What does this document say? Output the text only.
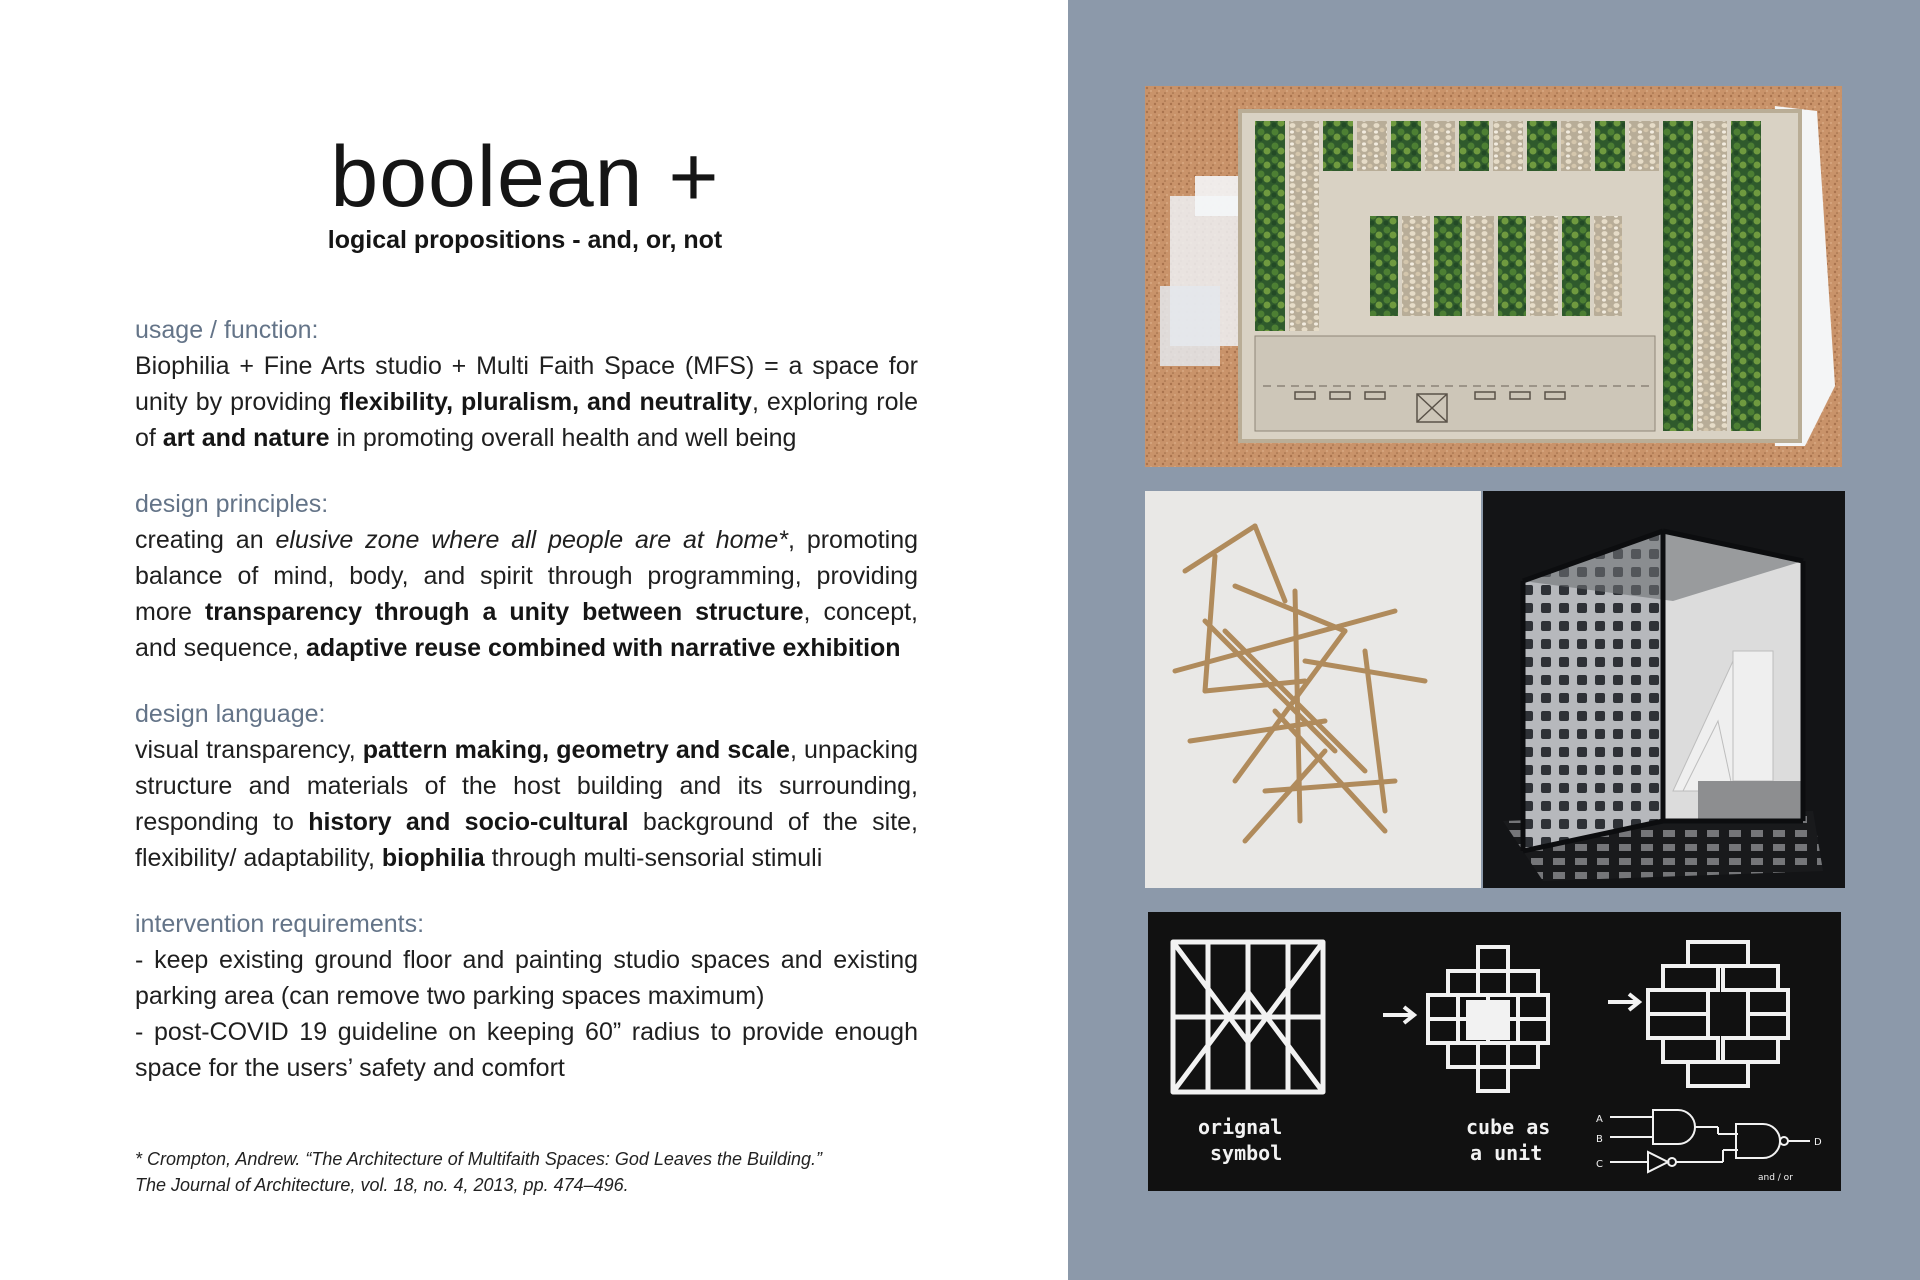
boolean +
logical propositions - and, or, not

usage / function:

Biophilia + Fine Arts studio + Multi Faith Space (MFS) = a space for unity by providing flexibility, pluralism, and neutrality, exploring role of art and nature in promoting overall health and well being

design principles:

creating an elusive zone where all people are at home*, promoting balance of mind, body, and spirit through programming, providing more transparency through a unity between structure, concept, and sequence, adaptive reuse combined with narrative exhibition

design language:

visual transparency, pattern making, geometry and scale, unpacking structure and materials of the host building and its surrounding, responding to history and socio-cultural background of the site, flexibility/ adaptability, biophilia through multi-sensorial stimuli

intervention requirements:

- keep existing ground floor and painting studio spaces and existing parking area (can remove two parking spaces maximum)

- post-COVID 19 guideline on keeping 60” radius to provide enough space for the users’ safety and comfort

* Crompton, Andrew. “The Architecture of Multifaith Spaces: God Leaves the Building.”
The Journal of Architecture, vol. 18, no. 4, 2013, pp. 474–496.
orignal
symbol
cube as
a unit
A
B
C
D
and / or
